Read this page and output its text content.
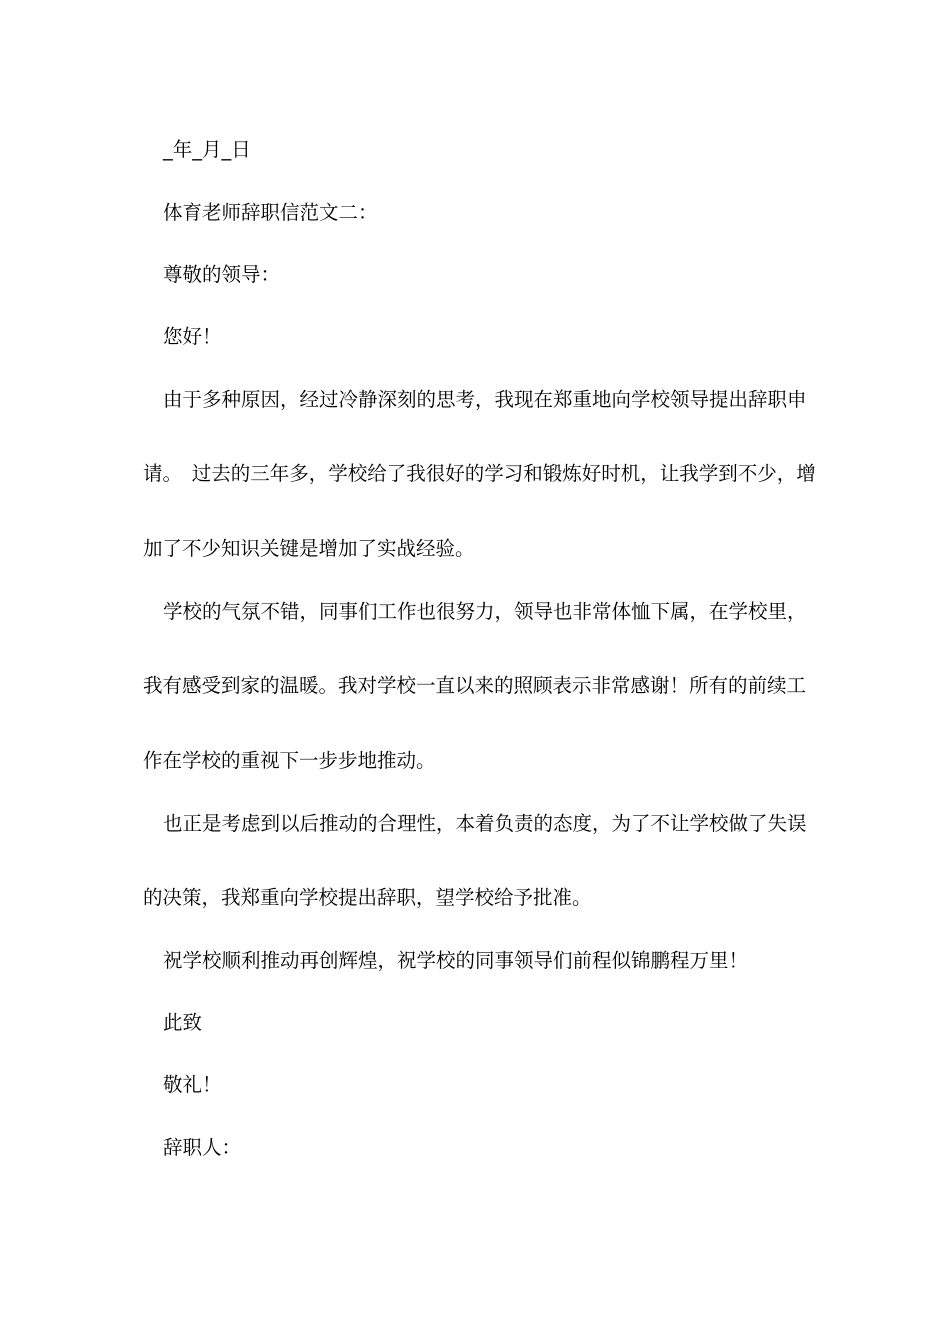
_年_月_日
体育老师辞职信范文二：
尊敬的领导：
您好！
由于多种原因，经过冷静深刻的思考，我现在郑重地向学校领导提出辞职申
请。　过去的三年多，学校给了我很好的学习和锻炼好时机，让我学到不少，增
加了不少知识关键是增加了实战经验。
学校的气氛不错，同事们工作也很努力，领导也非常体恤下属，在学校里，
我有感受到家的温暖。我对学校一直以来的照顾表示非常感谢！所有的前续工
作在学校的重视下一步步地推动。
也正是考虑到以后推动的合理性，本着负责的态度，为了不让学校做了失误
的决策，我郑重向学校提出辞职，望学校给予批准。
祝学校顺利推动再创辉煌，祝学校的同事领导们前程似锦鹏程万里！
此致
敬礼！
辞职人：
